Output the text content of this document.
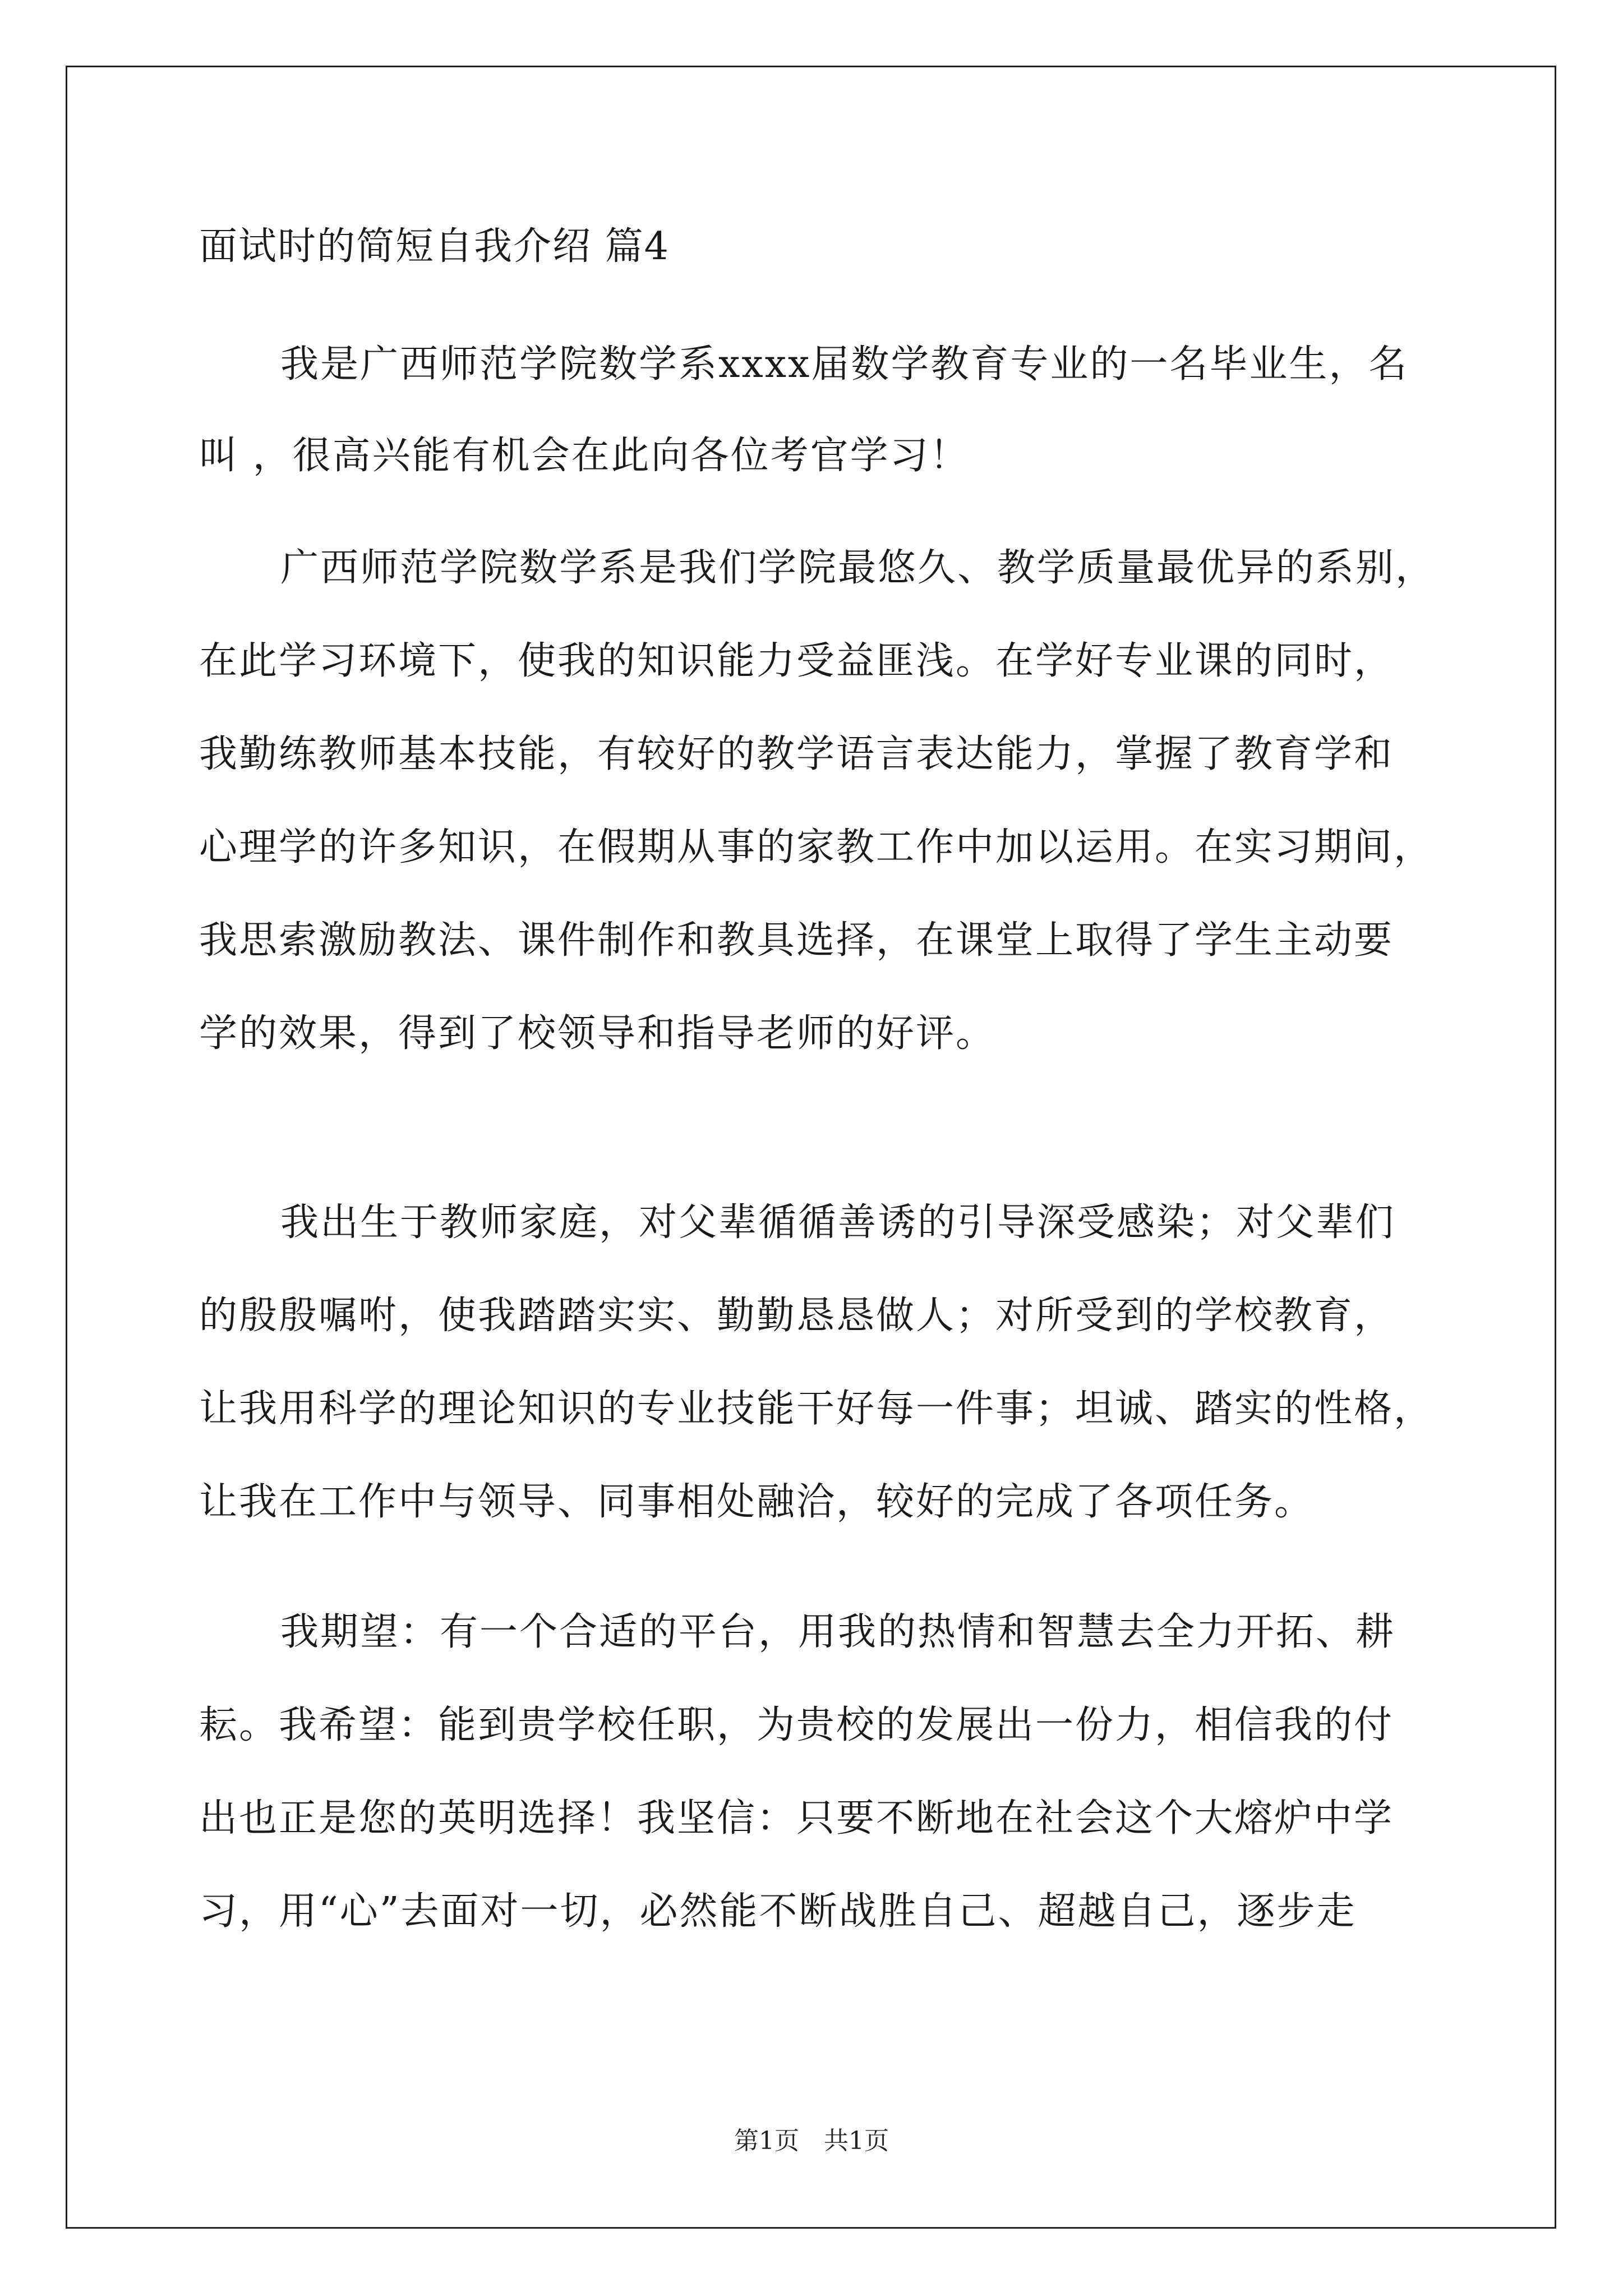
面试时的简短自我介绍 篇4
我是广西师范学院数学系xxxx届数学教育专业的一名毕业生，名
叫 ，很高兴能有机会在此向各位考官学习！
广西师范学院数学系是我们学院最悠久、教学质量最优异的系别，
在此学习环境下，使我的知识能力受益匪浅。在学好专业课的同时，
我勤练教师基本技能，有较好的教学语言表达能力，掌握了教育学和
心理学的许多知识，在假期从事的家教工作中加以运用。在实习期间，
我思索激励教法、课件制作和教具选择，在课堂上取得了学生主动要
学的效果，得到了校领导和指导老师的好评。
我出生于教师家庭，对父辈循循善诱的引导深受感染；对父辈们
的殷殷嘱咐，使我踏踏实实、勤勤恳恳做人；对所受到的学校教育，
让我用科学的理论知识的专业技能干好每一件事；坦诚、踏实的性格，
让我在工作中与领导、同事相处融洽，较好的完成了各项任务。
我期望：有一个合适的平台，用我的热情和智慧去全力开拓、耕
耘。我希望：能到贵学校任职，为贵校的发展出一份力，相信我的付
出也正是您的英明选择！我坚信：只要不断地在社会这个大熔炉中学
习，用“心”去面对一切，必然能不断战胜自己、超越自己，逐步走
第1页　共1页
